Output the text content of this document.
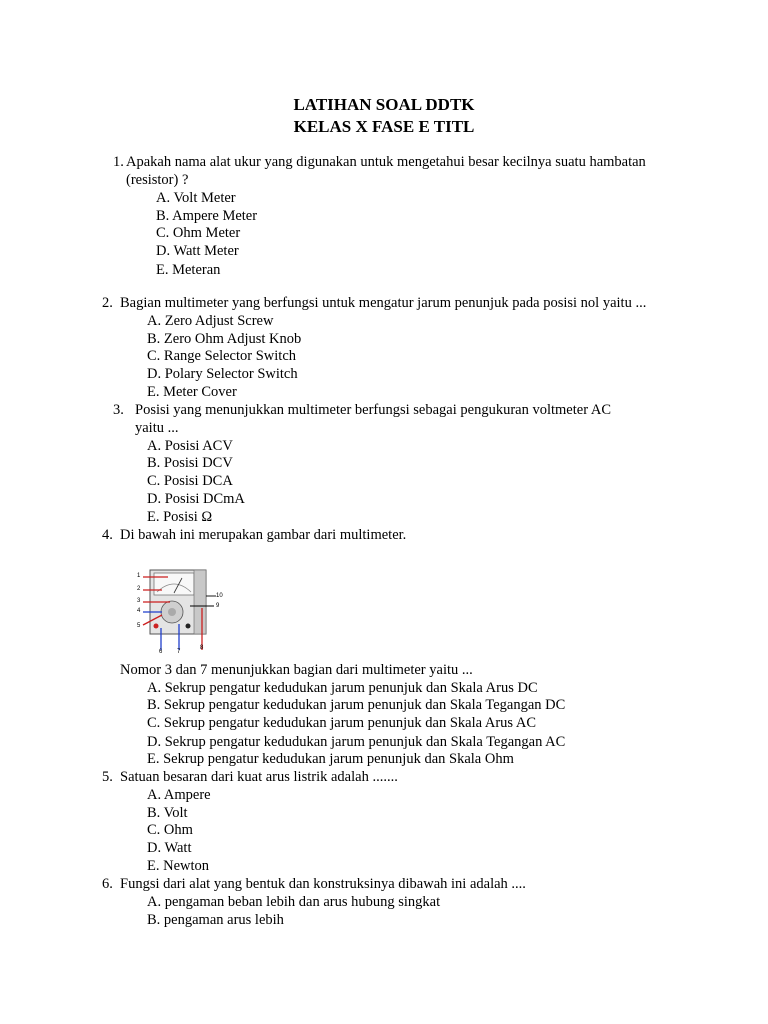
LATIHAN SOAL DDTK
KELAS X FASE E TITL
1. Apakah nama alat ukur yang digunakan untuk mengetahui besar kecilnya suatu hambatan
(resistor) ?
A. Volt Meter
B. Ampere Meter
C. Ohm Meter
D. Watt Meter
E. Meteran
2. Bagian multimeter yang berfungsi untuk mengatur jarum penunjuk pada posisi nol yaitu ...
A. Zero Adjust Screw
B. Zero Ohm Adjust Knob
C. Range Selector Switch
D. Polary Selector Switch
E. Meter Cover
3. Posisi yang menunjukkan multimeter berfungsi sebagai pengukuran voltmeter AC
yaitu ...
A. Posisi ACV
B. Posisi DCV
C. Posisi DCA
D. Posisi DCmA
E. Posisi Ω
4. Di bawah ini merupakan gambar dari multimeter.
1
2
3
4
5
6 7
8
9
10
Nomor 3 dan 7 menunjukkan bagian dari multimeter yaitu ...
A. Sekrup pengatur kedudukan jarum penunjuk dan Skala Arus DC
B. Sekrup pengatur kedudukan jarum penunjuk dan Skala Tegangan DC
C. Sekrup pengatur kedudukan jarum penunjuk dan Skala Arus AC
D. Sekrup pengatur kedudukan jarum penunjuk dan Skala Tegangan AC
E. Sekrup pengatur kedudukan jarum penunjuk dan Skala Ohm
5. Satuan besaran dari kuat arus listrik adalah .......
A. Ampere
B. Volt
C. Ohm
D. Watt
E. Newton
6. Fungsi dari alat yang bentuk dan konstruksinya dibawah ini adalah ....
A. pengaman beban lebih dan arus hubung singkat
B. pengaman arus lebih
